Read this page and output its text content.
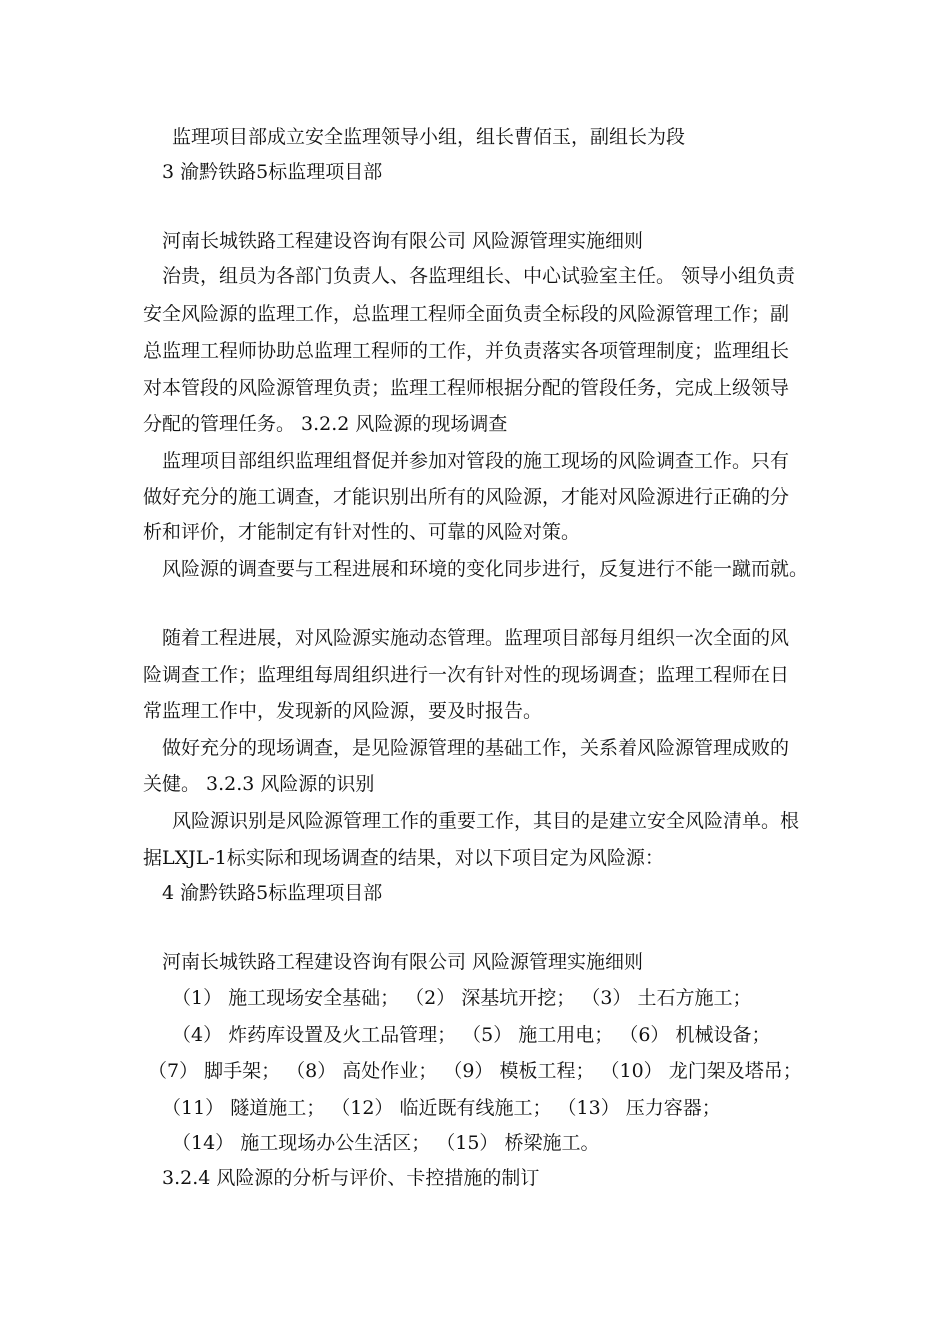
监理项目部成立安全监理领导小组，组长曹佰玉，副组长为段

3 渝黔铁路5标监理项目部

河南长城铁路工程建设咨询有限公司 风险源管理实施细则

治贵，组员为各部门负责人、各监理组长、中心试验室主任。 领导小组负责

安全风险源的监理工作，总监理工程师全面负责全标段的风险源管理工作；副

总监理工程师协助总监理工程师的工作，并负责落实各项管理制度；监理组长

对本管段的风险源管理负责；监理工程师根据分配的管段任务，完成上级领导

分配的管理任务。 3.2.2 风险源的现场调查

监理项目部组织监理组督促并参加对管段的施工现场的风险调查工作。只有

做好充分的施工调查，才能识别出所有的风险源，才能对风险源进行正确的分

析和评价，才能制定有针对性的、可靠的风险对策。

风险源的调查要与工程进展和环境的变化同步进行，反复进行不能一蹴而就。

随着工程进展，对风险源实施动态管理。监理项目部每月组织一次全面的风

险调查工作；监理组每周组织进行一次有针对性的现场调查；监理工程师在日

常监理工作中，发现新的风险源，要及时报告。

做好充分的现场调查，是见险源管理的基础工作，关系着风险源管理成败的

关健。 3.2.3 风险源的识别

风险源识别是风险源管理工作的重要工作，其目的是建立安全风险清单。根

据LXJL-1标实际和现场调查的结果，对以下项目定为风险源：

4 渝黔铁路5标监理项目部

河南长城铁路工程建设咨询有限公司 风险源管理实施细则

（1） 施工现场安全基础； （2） 深基坑开挖； （3） 土石方施工；

（4） 炸药库设置及火工品管理； （5） 施工用电； （6） 机械设备；

（7） 脚手架； （8） 高处作业； （9） 模板工程； （10） 龙门架及塔吊；

（11） 隧道施工； （12） 临近既有线施工； （13） 压力容器；

（14） 施工现场办公生活区； （15） 桥梁施工。

3.2.4 风险源的分析与评价、卡控措施的制订
